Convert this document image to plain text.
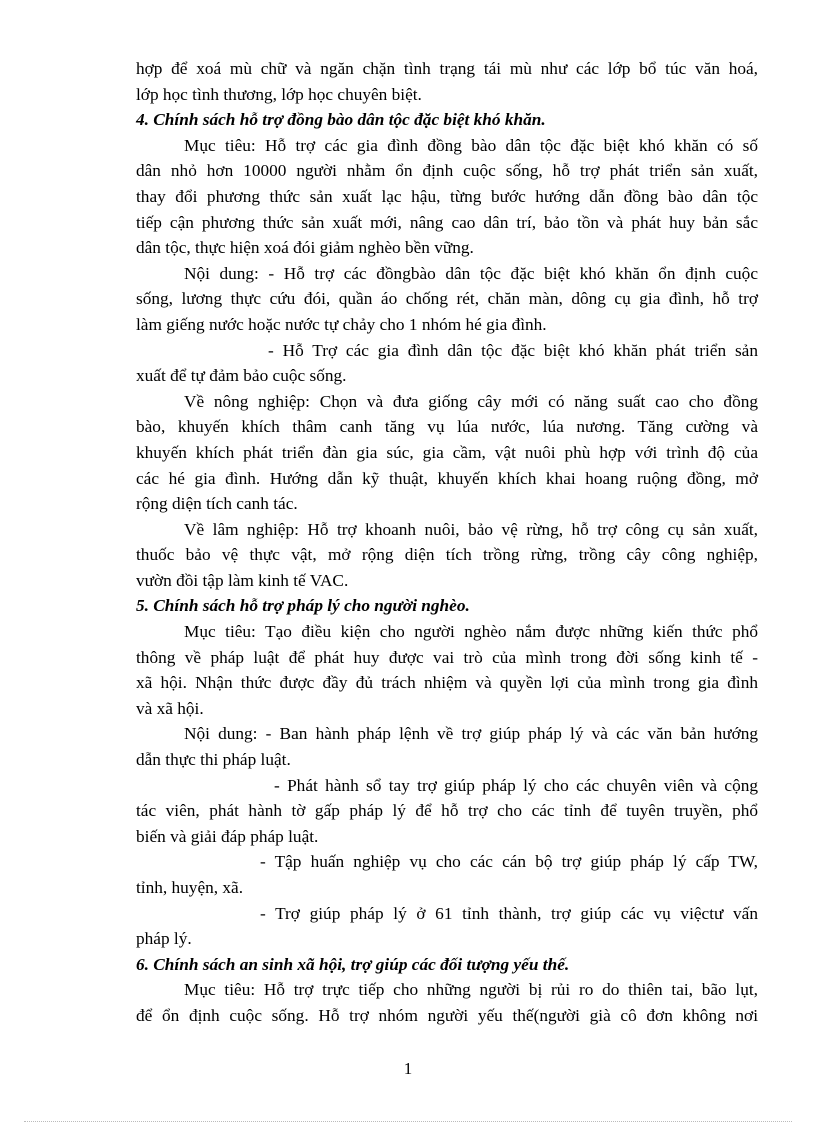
hợp để xoá mù chữ và ngăn chặn tình trạng tái mù như các lớp bổ túc văn hoá,
lớp học tình thương, lớp học chuyên biệt.
4. Chính sách hỗ trợ đồng bào dân tộc đặc biệt khó khăn.
Mục tiêu: Hỗ trợ các gia đình đồng bào dân tộc đặc biệt khó khăn có số
dân nhỏ hơn 10000 người nhằm ổn định cuộc sống, hỗ trợ phát triển sản xuất,
thay đổi phương thức sản xuất lạc hậu, từng bước hướng dẫn đồng bào dân tộc
tiếp cận phương thức sản xuất mới, nâng cao dân trí, bảo tồn và phát huy bản sắc
dân tộc, thực hiện xoá đói giảm nghèo bền vững.
Nội dung: - Hỗ trợ các đồngbào dân tộc đặc biệt khó khăn ổn định cuộc
sống, lương thực cứu đói, quần áo chống rét, chăn màn, dông cụ gia đình, hỗ trợ
làm giếng nước hoặc nước tự chảy cho 1 nhóm hé gia đình.
- Hỗ Trợ các gia đình dân tộc đặc biệt khó khăn phát triển sản
xuất để tự đảm bảo cuộc sống.
Về nông nghiệp: Chọn và đưa giống cây mới có năng suất cao cho đồng
bào, khuyến khích thâm canh tăng vụ lúa nước, lúa nương. Tăng cường và
khuyến khích phát triển đàn gia súc, gia cầm, vật nuôi phù hợp với trình độ của
các hé gia đình. Hướng dẫn kỹ thuật, khuyến khích khai hoang ruộng đồng, mở
rộng diện tích canh tác.
Về lâm nghiệp: Hỗ trợ khoanh nuôi, bảo vệ rừng, hỗ trợ công cụ sản xuất,
thuốc bảo vệ thực vật, mở rộng diện tích trồng rừng, trồng cây công nghiệp,
vườn đồi tập làm kinh tế VAC.
5. Chính sách hỗ trợ pháp lý cho người nghèo.
Mục tiêu: Tạo điều kiện cho người nghèo nắm được những kiến thức phổ
thông về pháp luật để phát huy được vai trò của mình trong đời sống kinh tế -
xã hội. Nhận thức được đầy đủ trách nhiệm và quyền lợi của mình trong gia đình
và xã hội.
Nội dung: - Ban hành pháp lệnh về trợ giúp pháp lý và các văn bản hướng
dẫn thực thi pháp luật.
- Phát hành sổ tay trợ giúp pháp lý cho các chuyên viên và cộng
tác viên, phát hành tờ gấp pháp lý để hỗ trợ cho các tỉnh để tuyên truyền, phổ
biến và giải đáp pháp luật.
- Tập huấn nghiệp vụ cho các cán bộ trợ giúp pháp lý cấp TW,
tỉnh, huyện, xã.
- Trợ giúp pháp lý ở 61 tỉnh thành, trợ giúp các vụ việctư vấn
pháp lý.
6. Chính sách an sinh xã hội, trợ giúp các đối tượng yếu thế.
Mục tiêu: Hỗ trợ trực tiếp cho những người bị rủi ro do thiên tai, bão lụt,
để ổn định cuộc sống. Hỗ trợ nhóm người yếu thế(người già cô đơn không nơi
1
